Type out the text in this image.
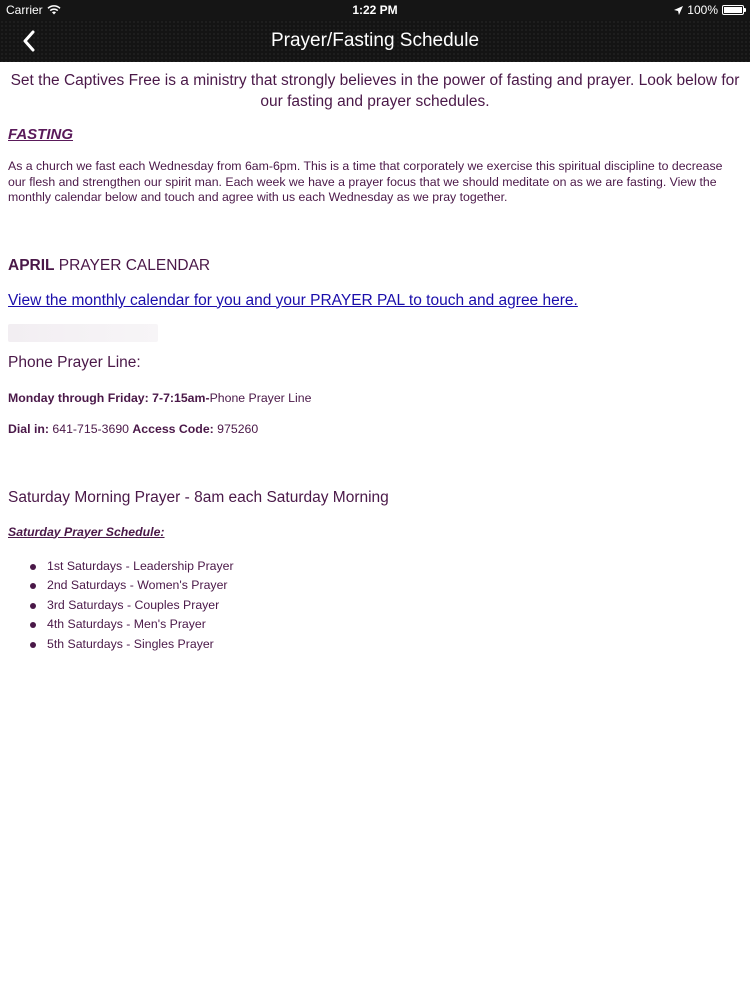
Carrier	1:22 PM	100%
Prayer/Fasting Schedule

Set the Captives Free is a ministry that strongly believes in the power of fasting and prayer. Look below for our fasting and prayer schedules.

FASTING

As a church we fast each Wednesday from 6am-6pm. This is a time that corporately we exercise this spiritual discipline to decrease our flesh and strengthen our spirit man. Each week we have a prayer focus that we should meditate on as we are fasting. View the monthly calendar below and touch and agree with us each Wednesday as we pray together.

APRIL PRAYER CALENDAR
View the monthly calendar for you and your PRAYER PAL to touch and agree here.
Phone Prayer Line:
Monday through Friday: 7-7:15am-Phone Prayer Line
Dial in: 641-715-3690 Access Code: 975260
Saturday Morning Prayer - 8am each Saturday Morning
Saturday Prayer Schedule:
1st Saturdays - Leadership Prayer
2nd Saturdays - Women's Prayer
3rd Saturdays - Couples Prayer
4th Saturdays - Men's Prayer
5th Saturdays - Singles Prayer
